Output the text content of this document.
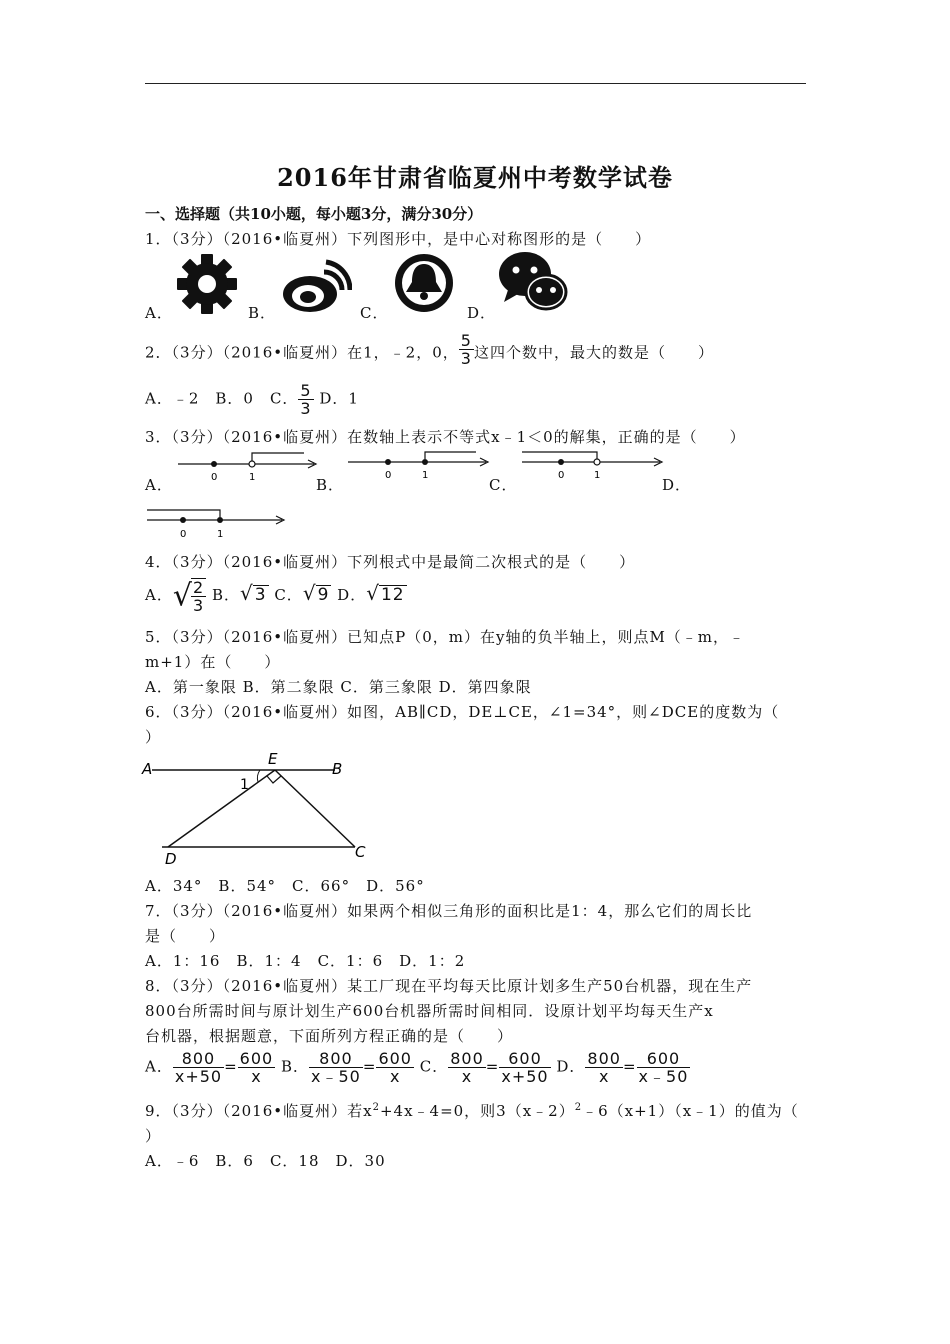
2016年甘肃省临夏州中考数学试卷
一、选择题（共10小题，每小题3分，满分30分）
1．（3分）（2016•临夏州）下列图形中，是中心对称图形的是（　　）
A．	B．	C．	D．
2．（3分）（2016•临夏州）在1，﹣2，0， $\frac{5}{3}$ 这四个数中，最大的数是（　　）
A．﹣2　B．0　C． $\frac{5}{3}$ D．1
3．（3分）（2016•临夏州）在数轴上表示不等式x﹣1＜0的解集，正确的是（　　）
A．	0	1	B．
0	1
C．
0	1
D．
0	1
4．（3分）（2016•临夏州）下列根式中是最简二次根式的是（　　）
A．√
$\frac{2}{3}$ B．√3 C．√9 D．√12
5．（3分）（2016•临夏州）已知点P（0，m）在y轴的负半轴上，则点M（﹣m，﹣
m+1）在（　　）
A．第一象限 B．第二象限 C．第三象限 D．第四象限
6．（3分）（2016•临夏州）如图，AB∥CD，DE⊥CE，∠1=34°，则∠DCE的度数为（
）
A	B
E
1
D	C
A．34°　B．54°　C．66°　D．56°
7．（3分）（2016•临夏州）如果两个相似三角形的面积比是1：4，那么它们的周长比
是（　　）
A．1：16　B．1：4　C．1：6　D．1：2
8．（3分）（2016•临夏州）某工厂现在平均每天比原计划多生产50台机器，现在生产
800台所需时间与原计划生产600台机器所需时间相同．设原计划平均每天生产x
台机器，根据题意，下面所列方程正确的是（　　）
A． $\frac{800}{x+50} = \frac{600}{x}$ B． $\frac{800}{x﹣50} = \frac{600}{x}$ C． $\frac{800}{x} = \frac{600}{x+50}$ D． $\frac{800}{x} = \frac{600}{x﹣50}$
9．（3分）（2016•临夏州）若$x^2+4x﹣4=0$，则3（x﹣2）$^2$﹣6（x+1）（x﹣1）的值为（
）
A．﹣6　B．6　C．18　D．30
